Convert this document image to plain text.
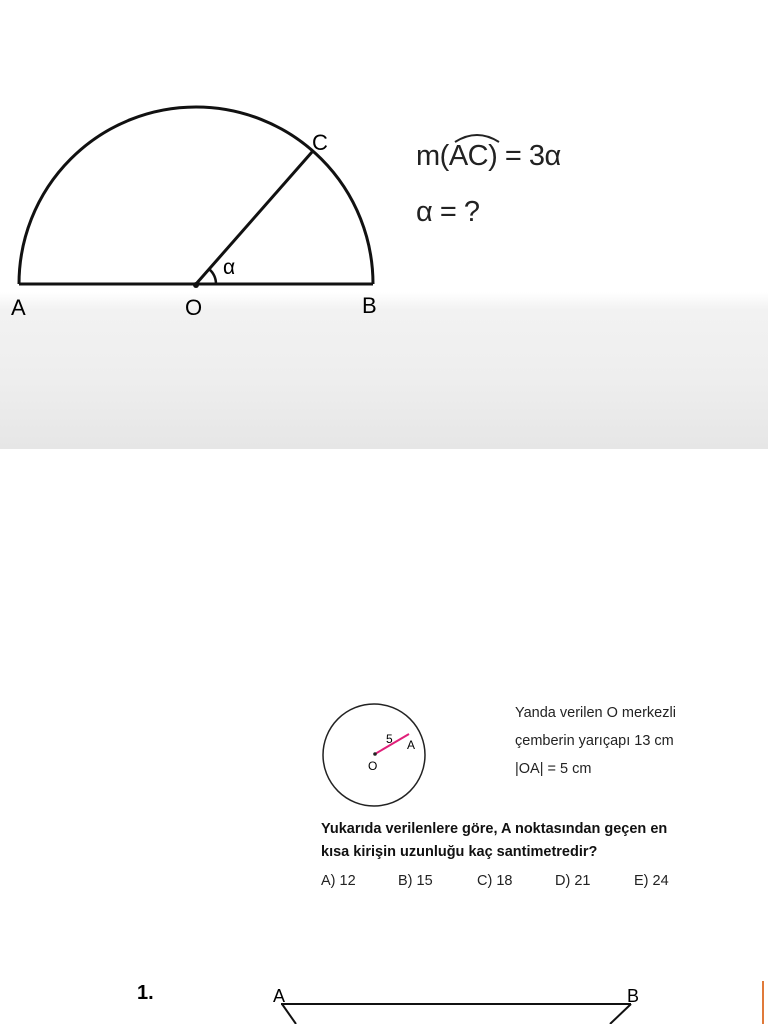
C
A	O	B
α
m(
AC) = 3α
α = ?
O
A
5
Yanda verilen O merkezli
çemberin yarıçapı 13 cm
|OA| = 5 cm
Yukarıda verilenlere göre, A noktasından geçen en
kısa kirişin uzunluğu kaç santimetredir?
A) 12	B) 15	C) 18	D) 21	E) 24
1.	A	B
